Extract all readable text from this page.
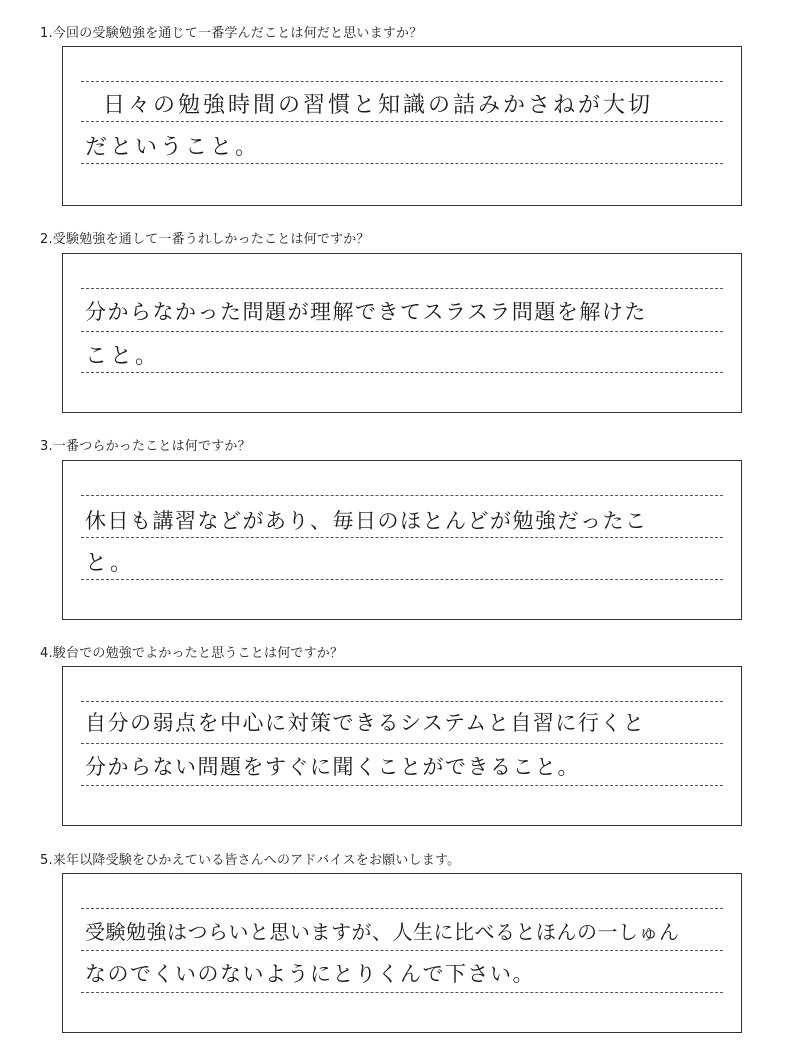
1.今回の受験勉強を通じて一番学んだことは何だと思いますか？
日々の勉強時間の習慣と知識の詰みかさねが大切
だということ。
2.受験勉強を通して一番うれしかったことは何ですか？
分からなかった問題が理解できてスラスラ問題を解けた
こと。
3.一番つらかったことは何ですか？
休日も講習などがあり、毎日のほとんどが勉強だったこ
と。
4.駿台での勉強でよかったと思うことは何ですか？
自分の弱点を中心に対策できるシステムと自習に行くと
分からない問題をすぐに聞くことができること。
5.来年以降受験をひかえている皆さんへのアドバイスをお願いします。
受験勉強はつらいと思いますが、人生に比べるとほんの一しゅん
なのでくいのないようにとりくんで下さい。
